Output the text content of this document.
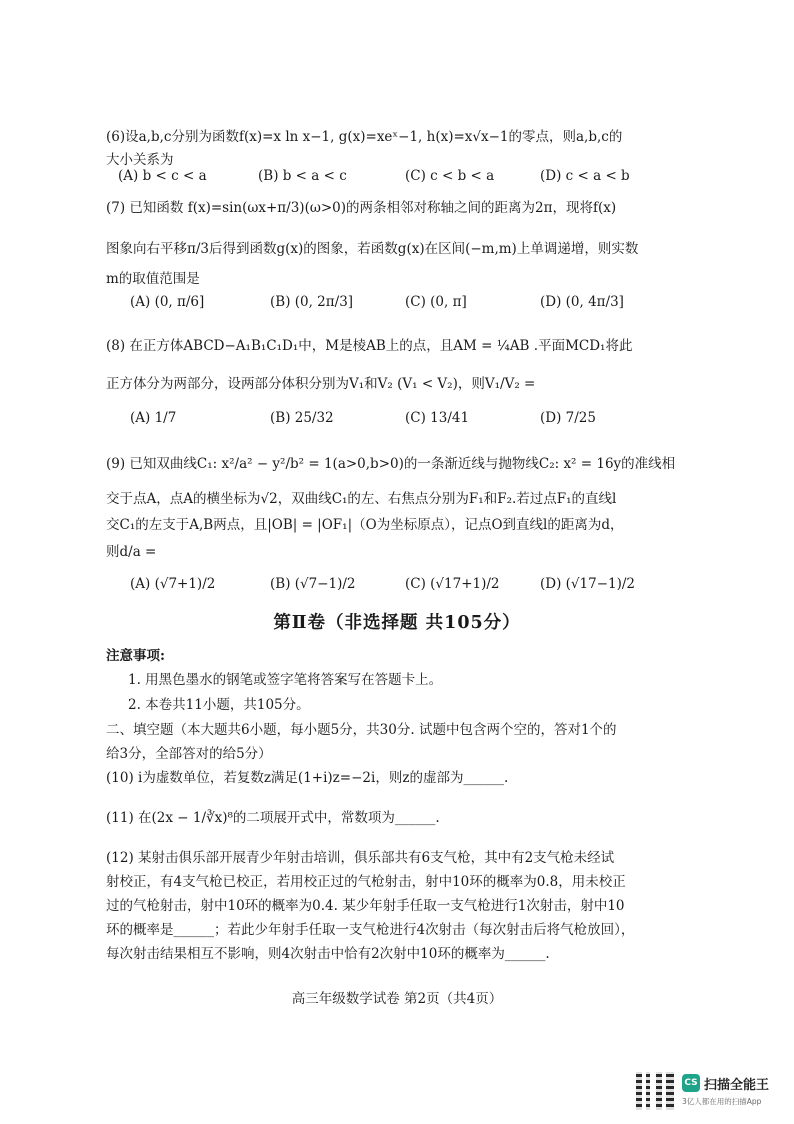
(6)设a,b,c分别为函数f(x)=x ln x−1, g(x)=xeˣ−1, h(x)=x√x−1的零点，则a,b,c的
大小关系为
(A) b < c < a	(B) b < a < c	(C) c < b < a	(D) c < a < b
(7) 已知函数 f(x)=sin(ωx+π/3)(ω>0)的两条相邻对称轴之间的距离为2π，现将f(x)
图象向右平移π/3后得到函数g(x)的图象，若函数g(x)在区间(−m,m)上单调递增，则实数
m的取值范围是
(A) (0, π/6]	(B) (0, 2π/3]	(C) (0, π]	(D) (0, 4π/3]
(8) 在正方体ABCD−A₁B₁C₁D₁中，M是棱AB上的点，且AM = ¼AB .平面MCD₁将此
正方体分为两部分，设两部分体积分别为V₁和V₂ (V₁ < V₂)，则V₁/V₂ =
(A) 1/7	(B) 25/32	(C) 13/41	(D) 7/25
(9) 已知双曲线C₁: x²/a² − y²/b² = 1(a>0,b>0)的一条渐近线与抛物线C₂: x² = 16y的准线相
交于点A，点A的横坐标为√2，双曲线C₁的左、右焦点分别为F₁和F₂.若过点F₁的直线l
交C₁的左支于A,B两点，且|OB| = |OF₁|（O为坐标原点），记点O到直线l的距离为d，
则d/a =
(A) (√7+1)/2	(B) (√7−1)/2	(C) (√17+1)/2	(D) (√17−1)/2
第Ⅱ卷（非选择题 共105分）
注意事项:
1. 用黑色墨水的钢笔或签字笔将答案写在答题卡上。
2. 本卷共11小题，共105分。
二、填空题（本大题共6小题，每小题5分，共30分. 试题中包含两个空的，答对1个的
给3分，全部答对的给5分）
(10) i为虚数单位，若复数z满足(1+i)z=−2i，则z的虚部为______.
(11) 在(2x − 1/∛x)⁸的二项展开式中，常数项为______.
(12) 某射击俱乐部开展青少年射击培训，俱乐部共有6支气枪，其中有2支气枪未经试
射校正，有4支气枪已校正，若用校正过的气枪射击，射中10环的概率为0.8，用未校正
过的气枪射击，射中10环的概率为0.4. 某少年射手任取一支气枪进行1次射击，射中10
环的概率是______；若此少年射手任取一支气枪进行4次射击（每次射击后将气枪放回），
每次射击结果相互不影响，则4次射击中恰有2次射中10环的概率为______.
高三年级数学试卷 第2页（共4页）
CS 扫描全能王
3亿人都在用的扫描App
